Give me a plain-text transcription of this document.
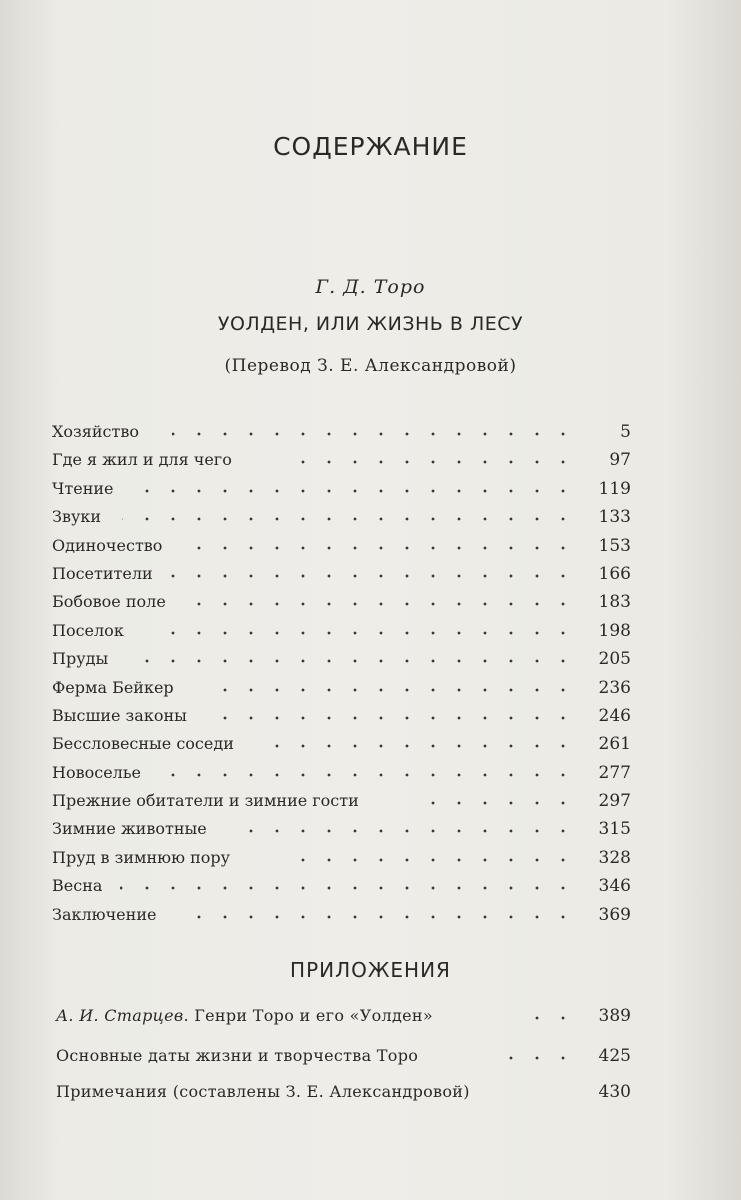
СОДЕРЖАНИЕ
Г. Д. Торо
УОЛДЕН, ИЛИ ЖИЗНЬ В ЛЕСУ
(Перевод З. Е. Александровой)
Хозяйство	5
Где я жил и для чего	97
Чтение	119
Звуки	133
Одиночество	153
Посетители	166
Бобовое поле	183
Поселок	198
Пруды	205
Ферма Бейкер	236
Высшие законы	246
Бессловесные соседи	261
Новоселье	277
Прежние обитатели и зимние гости	297
Зимние животные	315
Пруд в зимнюю пору	328
Весна	346
Заключение	369
ПРИЛОЖЕНИЯ
А. И. Старцев. Генри Торо и его «Уолден»	389
Основные даты жизни и творчества Торо	425
Примечания (составлены З. Е. Александровой)	430
